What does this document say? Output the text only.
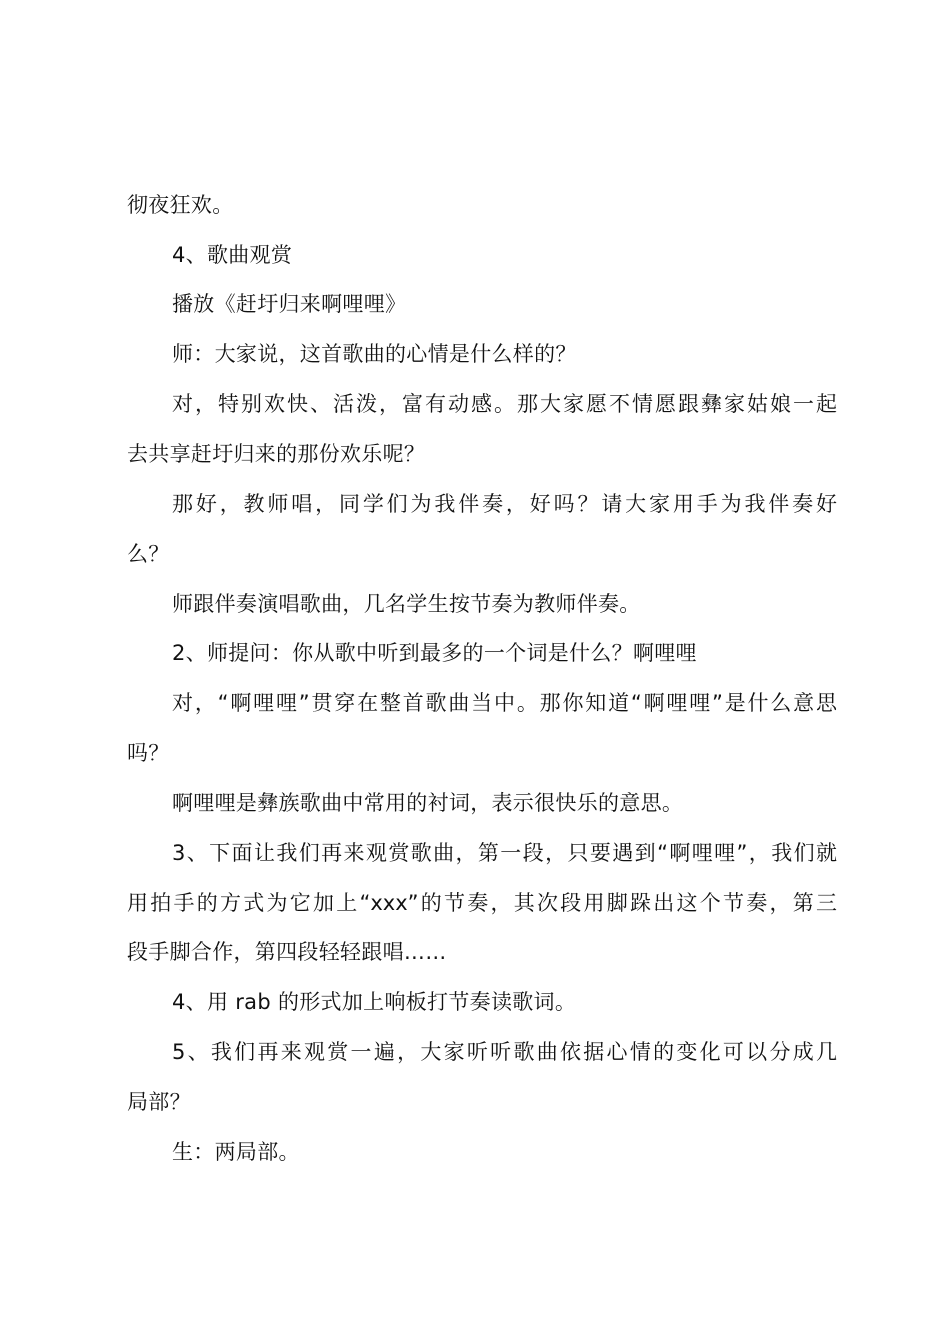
彻夜狂欢。
4、歌曲观赏
播放《赶圩归来啊哩哩》
师：大家说，这首歌曲的心情是什么样的？
对，特别欢快、活泼，富有动感。那大家愿不情愿跟彝家姑娘一起
去共享赶圩归来的那份欢乐呢？
那好，教师唱，同学们为我伴奏，好吗？请大家用手为我伴奏好
么？
师跟伴奏演唱歌曲，几名学生按节奏为教师伴奏。
2、师提问：你从歌中听到最多的一个词是什么？啊哩哩
对，“啊哩哩”贯穿在整首歌曲当中。那你知道“啊哩哩”是什么意思
吗？
啊哩哩是彝族歌曲中常用的衬词，表示很快乐的意思。
3、下面让我们再来观赏歌曲，第一段，只要遇到“啊哩哩”，我们就
用拍手的方式为它加上“xxx”的节奏，其次段用脚跺出这个节奏，第三
段手脚合作，第四段轻轻跟唱……
4、用 rab 的形式加上响板打节奏读歌词。
5、我们再来观赏一遍，大家听听歌曲依据心情的变化可以分成几
局部？
生：两局部。
